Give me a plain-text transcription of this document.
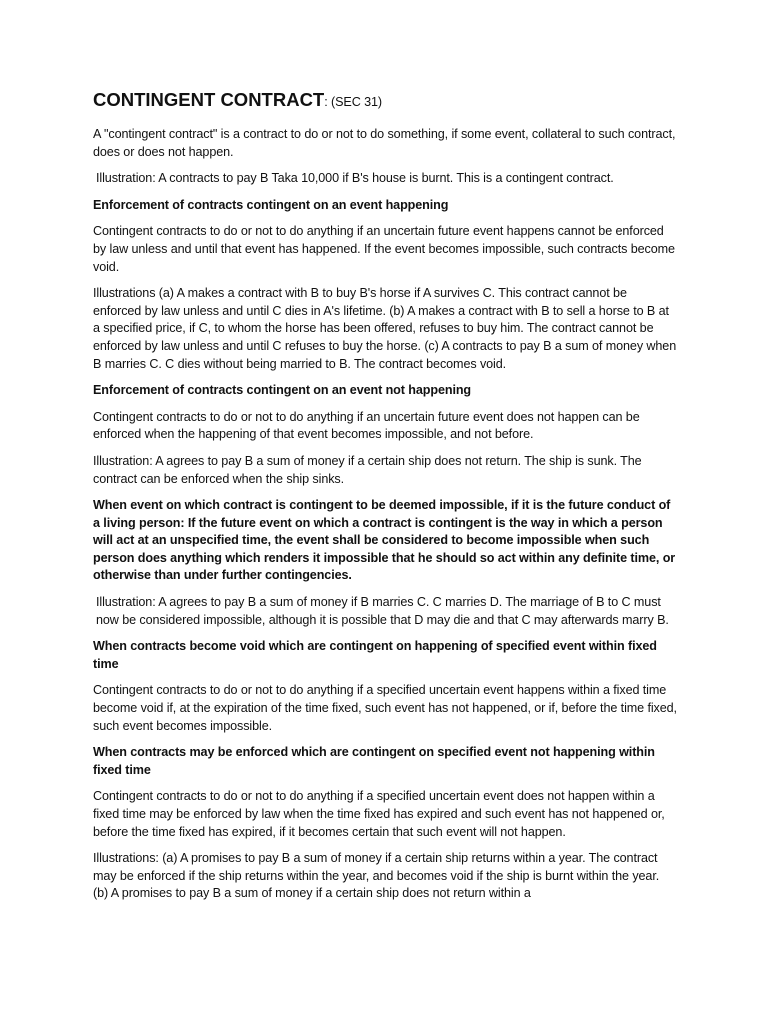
CONTINGENT CONTRACT: (SEC 31)

A "contingent contract" is a contract to do or not to do something, if some event, collateral to such contract, does or does not happen.

Illustration: A contracts to pay B Taka 10,000 if B's house is burnt. This is a contingent contract.

Enforcement of contracts contingent on an event happening

Contingent contracts to do or not to do anything if an uncertain future event happens cannot be enforced by law unless and until that event has happened. If the event becomes impossible, such contracts become void.

Illustrations (a) A makes a contract with B to buy B's horse if A survives C. This contract cannot be enforced by law unless and until C dies in A's lifetime. (b) A makes a contract with B to sell a horse to B at a specified price, if C, to whom the horse has been offered, refuses to buy him. The contract cannot be enforced by law unless and until C refuses to buy the horse. (c) A contracts to pay B a sum of money when B marries C. C dies without being married to B. The contract becomes void.

Enforcement of contracts contingent on an event not happening

Contingent contracts to do or not to do anything if an uncertain future event does not happen can be enforced when the happening of that event becomes impossible, and not before.

Illustration: A agrees to pay B a sum of money if a certain ship does not return. The ship is sunk. The contract can be enforced when the ship sinks.

When event on which contract is contingent to be deemed impossible, if it is the future conduct of a living person: If the future event on which a contract is contingent is the way in which a person will act at an unspecified time, the event shall be considered to become impossible when such person does anything which renders it impossible that he should so act within any definite time, or otherwise than under further contingencies.

Illustration: A agrees to pay B a sum of money if B marries C. C marries D. The marriage of B to C must now be considered impossible, although it is possible that D may die and that C may afterwards marry B.

When contracts become void which are contingent on happening of specified event within fixed time

Contingent contracts to do or not to do anything if a specified uncertain event happens within a fixed time become void if, at the expiration of the time fixed, such event has not happened, or if, before the time fixed, such event becomes impossible.

When contracts may be enforced which are contingent on specified event not happening within fixed time

Contingent contracts to do or not to do anything if a specified uncertain event does not happen within a fixed time may be enforced by law when the time fixed has expired and such event has not happened or, before the time fixed has expired, if it becomes certain that such event will not happen.

Illustrations: (a) A promises to pay B a sum of money if a certain ship returns within a year. The contract may be enforced if the ship returns within the year, and becomes void if the ship is burnt within the year. (b) A promises to pay B a sum of money if a certain ship does not return within a
